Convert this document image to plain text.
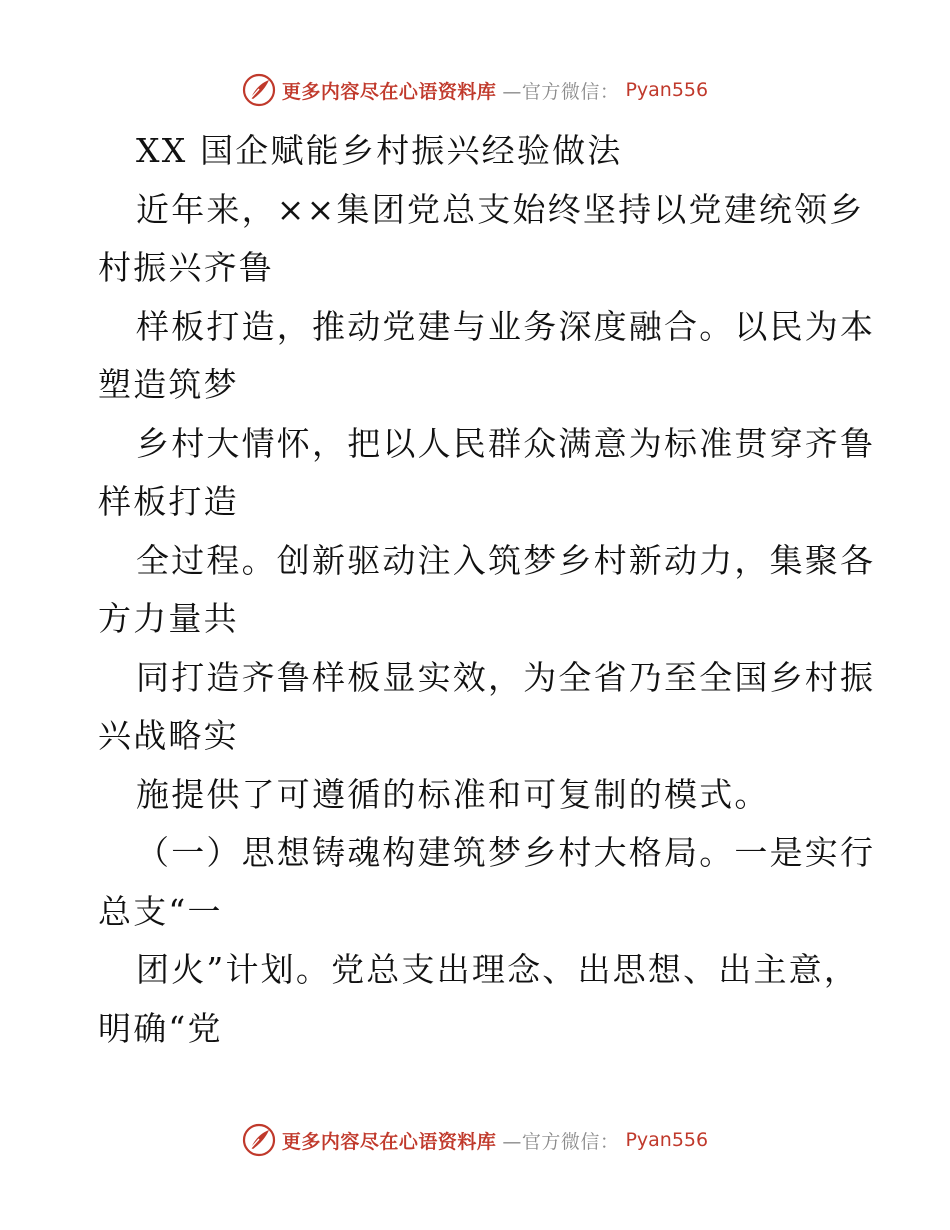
更多内容尽在心语资料库 —官方微信： Pyan556
XX 国企赋能乡村振兴经验做法
近年来，××集团党总支始终坚持以党建统领乡
村振兴齐鲁
样板打造，推动党建与业务深度融合。以民为本
塑造筑梦
乡村大情怀，把以人民群众满意为标准贯穿齐鲁
样板打造
全过程。创新驱动注入筑梦乡村新动力，集聚各
方力量共
同打造齐鲁样板显实效，为全省乃至全国乡村振
兴战略实
施提供了可遵循的标准和可复制的模式。
（一）思想铸魂构建筑梦乡村大格局。一是实行
总支“一
团火”计划。党总支出理念、出思想、出主意，
明确“党
更多内容尽在心语资料库 —官方微信： Pyan556
